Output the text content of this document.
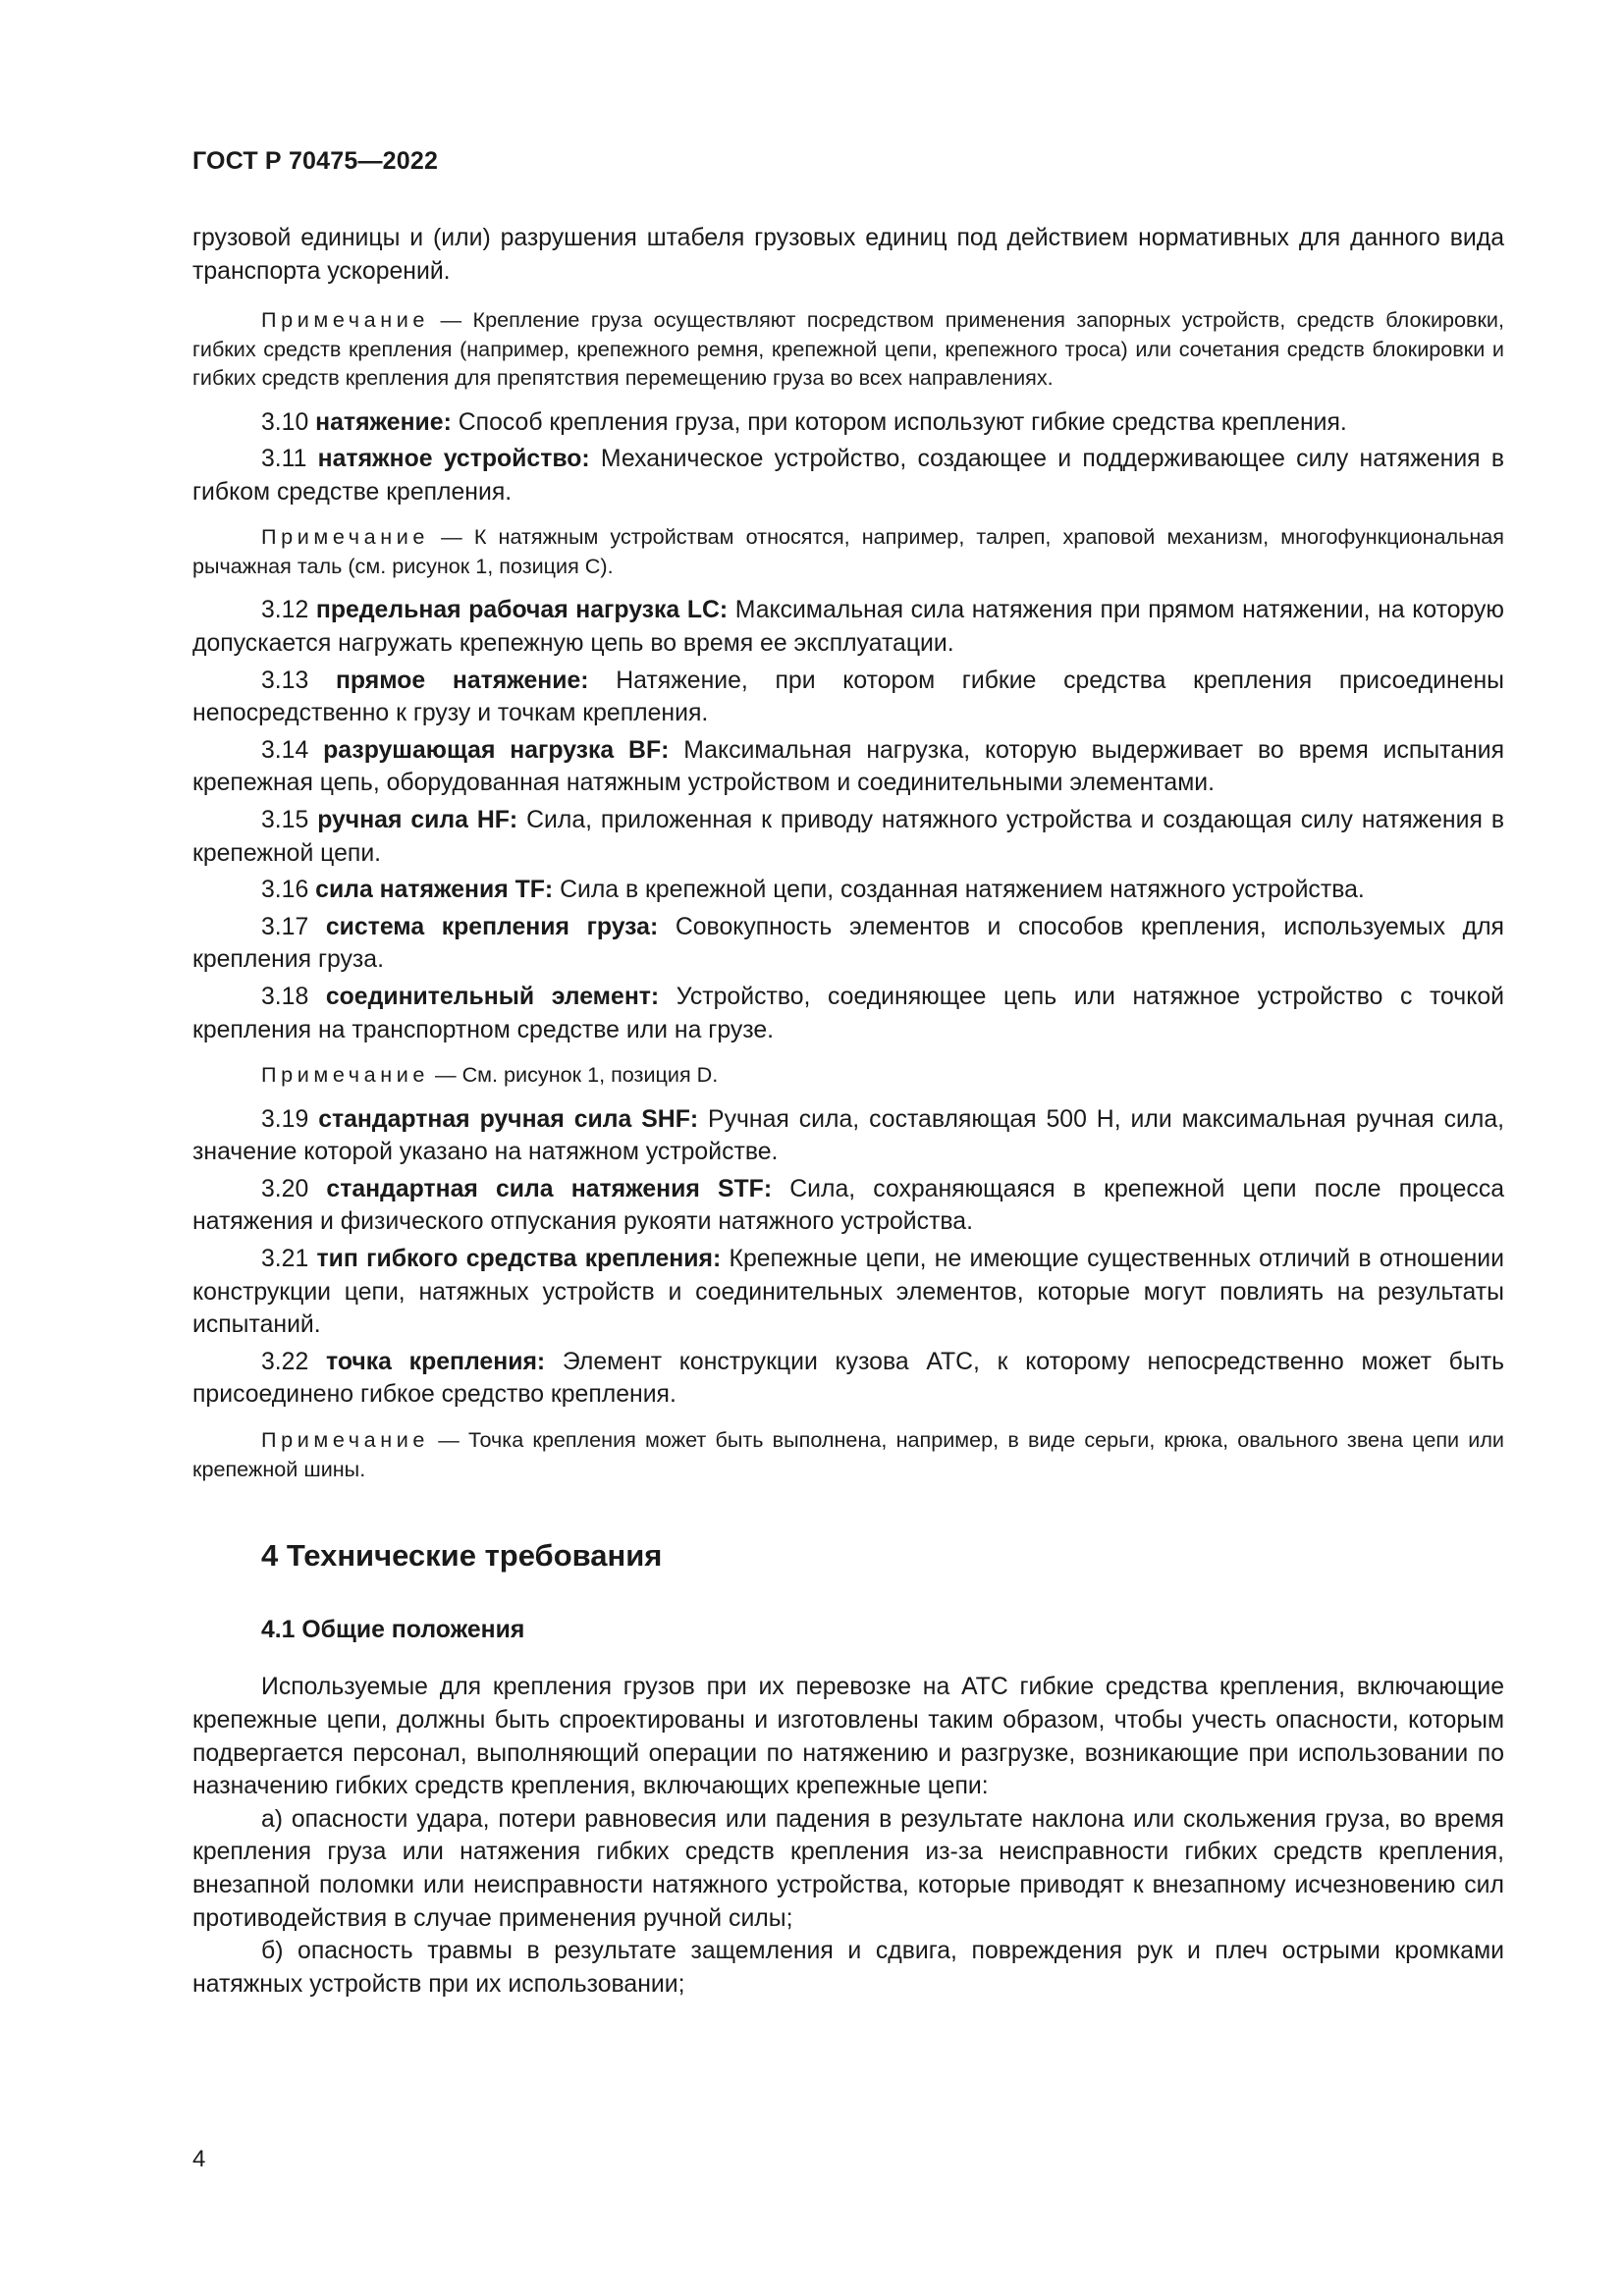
ГОСТ Р 70475—2022

грузовой единицы и (или) разрушения штабеля грузовых единиц под действием нормативных для данного вида транспорта ускорений.

Примечание — Крепление груза осуществляют посредством применения запорных устройств, средств блокировки, гибких средств крепления (например, крепежного ремня, крепежной цепи, крепежного троса) или сочетания средств блокировки и гибких средств крепления для препятствия перемещению груза во всех направлениях.

3.10 натяжение: Способ крепления груза, при котором используют гибкие средства крепления.

3.11 натяжное устройство: Механическое устройство, создающее и поддерживающее силу натяжения в гибком средстве крепления.

Примечание — К натяжным устройствам относятся, например, талреп, храповой механизм, многофункциональная рычажная таль (см. рисунок 1, позиция С).

3.12 предельная рабочая нагрузка LC: Максимальная сила натяжения при прямом натяжении, на которую допускается нагружать крепежную цепь во время ее эксплуатации.

3.13 прямое натяжение: Натяжение, при котором гибкие средства крепления присоединены непосредственно к грузу и точкам крепления.

3.14 разрушающая нагрузка BF: Максимальная нагрузка, которую выдерживает во время испытания крепежная цепь, оборудованная натяжным устройством и соединительными элементами.

3.15 ручная сила HF: Сила, приложенная к приводу натяжного устройства и создающая силу натяжения в крепежной цепи.

3.16 сила натяжения TF: Сила в крепежной цепи, созданная натяжением натяжного устройства.

3.17 система крепления груза: Совокупность элементов и способов крепления, используемых для крепления груза.

3.18 соединительный элемент: Устройство, соединяющее цепь или натяжное устройство с точкой крепления на транспортном средстве или на грузе.

Примечание — См. рисунок 1, позиция D.

3.19 стандартная ручная сила SHF: Ручная сила, составляющая 500 Н, или максимальная ручная сила, значение которой указано на натяжном устройстве.

3.20 стандартная сила натяжения STF: Сила, сохраняющаяся в крепежной цепи после процесса натяжения и физического отпускания рукояти натяжного устройства.

3.21 тип гибкого средства крепления: Крепежные цепи, не имеющие существенных отличий в отношении конструкции цепи, натяжных устройств и соединительных элементов, которые могут повлиять на результаты испытаний.

3.22 точка крепления: Элемент конструкции кузова АТС, к которому непосредственно может быть присоединено гибкое средство крепления.

Примечание — Точка крепления может быть выполнена, например, в виде серьги, крюка, овального звена цепи или крепежной шины.

4 Технические требования
4.1 Общие положения

Используемые для крепления грузов при их перевозке на АТС гибкие средства крепления, включающие крепежные цепи, должны быть спроектированы и изготовлены таким образом, чтобы учесть опасности, которым подвергается персонал, выполняющий операции по натяжению и разгрузке, возникающие при использовании по назначению гибких средств крепления, включающих крепежные цепи:

а) опасности удара, потери равновесия или падения в результате наклона или скольжения груза, во время крепления груза или натяжения гибких средств крепления из-за неисправности гибких средств крепления, внезапной поломки или неисправности натяжного устройства, которые приводят к внезапному исчезновению сил противодействия в случае применения ручной силы;

б) опасность травмы в результате защемления и сдвига, повреждения рук и плеч острыми кромками натяжных устройств при их использовании;

4
